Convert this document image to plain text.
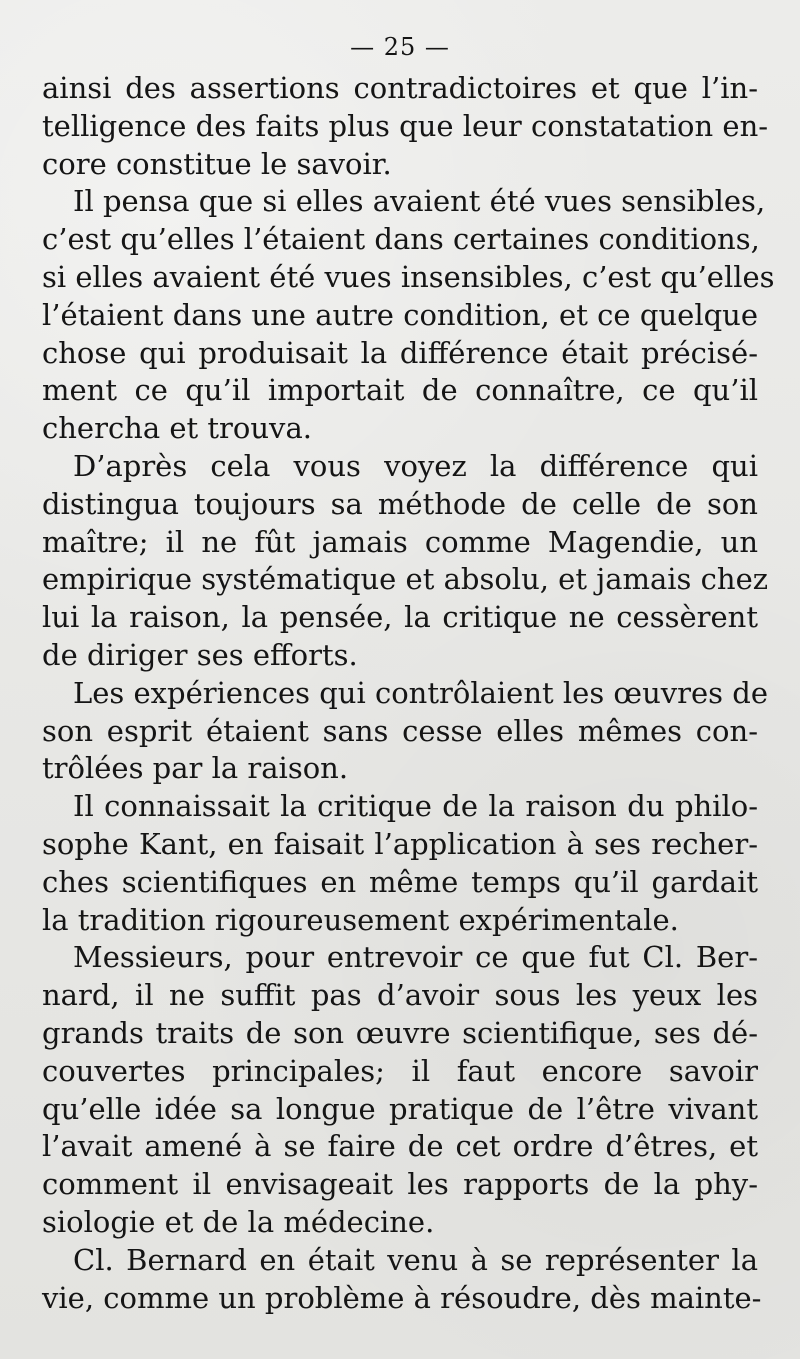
— 25 —

ainsi des assertions contradictoires et que l’in-
telligence des faits plus que leur constatation en-
core constitue le savoir.

Il pensa que si elles avaient été vues sensibles,
c’est qu’elles l’étaient dans certaines conditions,
si elles avaient été vues insensibles, c’est qu’elles
l’étaient dans une autre condition, et ce quelque
chose qui produisait la différence était précisé-
ment ce qu’il importait de connaître, ce qu’il
chercha et trouva.

D’après cela vous voyez la différence qui
distingua toujours sa méthode de celle de son
maître; il ne fût jamais comme Magendie, un
empirique systématique et absolu, et jamais chez
lui la raison, la pensée, la critique ne cessèrent
de diriger ses efforts.

Les expériences qui contrôlaient les œuvres de
son esprit étaient sans cesse elles mêmes con-
trôlées par la raison.

Il connaissait la critique de la raison du philo-
sophe Kant, en faisait l’application à ses recher-
ches scientifiques en même temps qu’il gardait
la tradition rigoureusement expérimentale.

Messieurs, pour entrevoir ce que fut Cl. Ber-
nard, il ne suffit pas d’avoir sous les yeux les
grands traits de son œuvre scientifique, ses dé-
couvertes principales; il faut encore savoir
qu’elle idée sa longue pratique de l’être vivant
l’avait amené à se faire de cet ordre d’êtres, et
comment il envisageait les rapports de la phy-
siologie et de la médecine.

Cl. Bernard en était venu à se représenter la
vie, comme un problème à résoudre, dès mainte-
